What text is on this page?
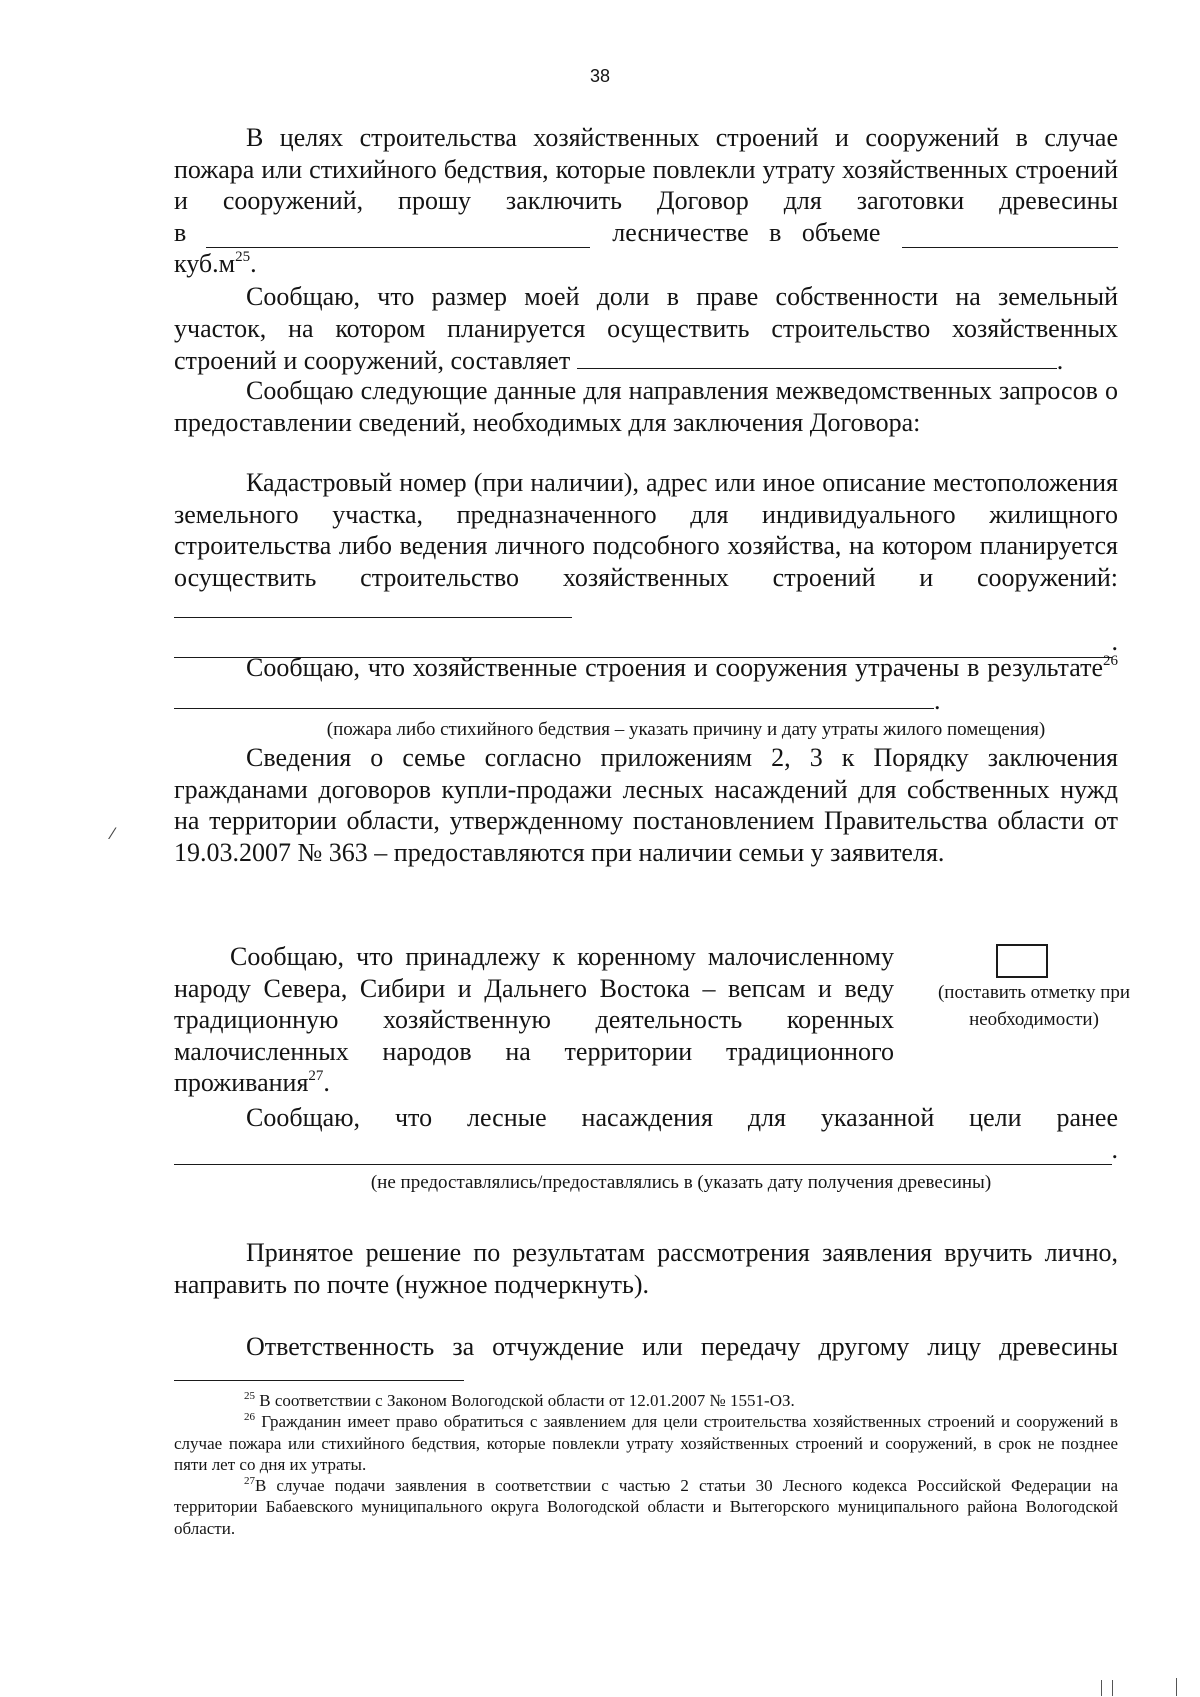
38

В целях строительства хозяйственных строений и сооружений в случае пожара или стихийного бедствия, которые повлекли утрату хозяйственных строений и сооружений, прошу заключить Договор для заготовки древесины

в	лесничестве в объеме
$куб.м^{25}$.

Сообщаю, что размер моей доли в праве собственности на земельный участок, на котором планируется осуществить строительство хозяйственных строений и сооружений, составляет	.

Сообщаю следующие данные для направления межведомственных запросов о предоставлении сведений, необходимых для заключения Договора:

Кадастровый номер (при наличии), адрес или иное описание местоположения земельного участка, предназначенного для индивидуального жилищного строительства либо ведения личного подсобного хозяйства, на котором планируется осуществить строительство хозяйственных строений и сооружений:

.

Сообщаю, что хозяйственные строения и сооружения утрачены в результате$^{26}$ .

(пожара либо стихийного бедствия – указать причину и дату утраты жилого помещения)

Сведения о семье согласно приложениям 2, 3 к Порядку заключения гражданами договоров купли-продажи лесных насаждений для собственных нужд на территории области, утвержденному постановлением Правительства области от 19.03.2007 № 363 – предоставляются при наличии семьи у заявителя.

Сообщаю, что принадлежу к коренному малочисленному народу Севера, Сибири и Дальнего Востока – вепсам и веду традиционную хозяйственную деятельность коренных малочисленных народов на территории традиционного проживания$^{27}$.

(поставить отметку при необходимости)

Сообщаю, что лесные насаждения для указанной цели ранее

.
(не предоставлялись/предоставлялись в (указать дату получения древесины)

Принятое решение по результатам рассмотрения заявления вручить лично, направить по почте (нужное подчеркнуть).

Ответственность за отчуждение или передачу другому лицу древесины

$^{25}$ В соответствии с Законом Вологодской области от 12.01.2007 № 1551-ОЗ.

$^{26}$ Гражданин имеет право обратиться с заявлением для цели строительства хозяйственных строений и сооружений в случае пожара или стихийного бедствия, которые повлекли утрату хозяйственных строений и сооружений, в срок не позднее пяти лет со дня их утраты.

$^{27}$В случае подачи заявления в соответствии с частью 2 статьи 30 Лесного кодекса Российской Федерации на территории Бабаевского муниципального округа Вологодской области и Вытегорского муниципального района Вологодской области.

⁄
